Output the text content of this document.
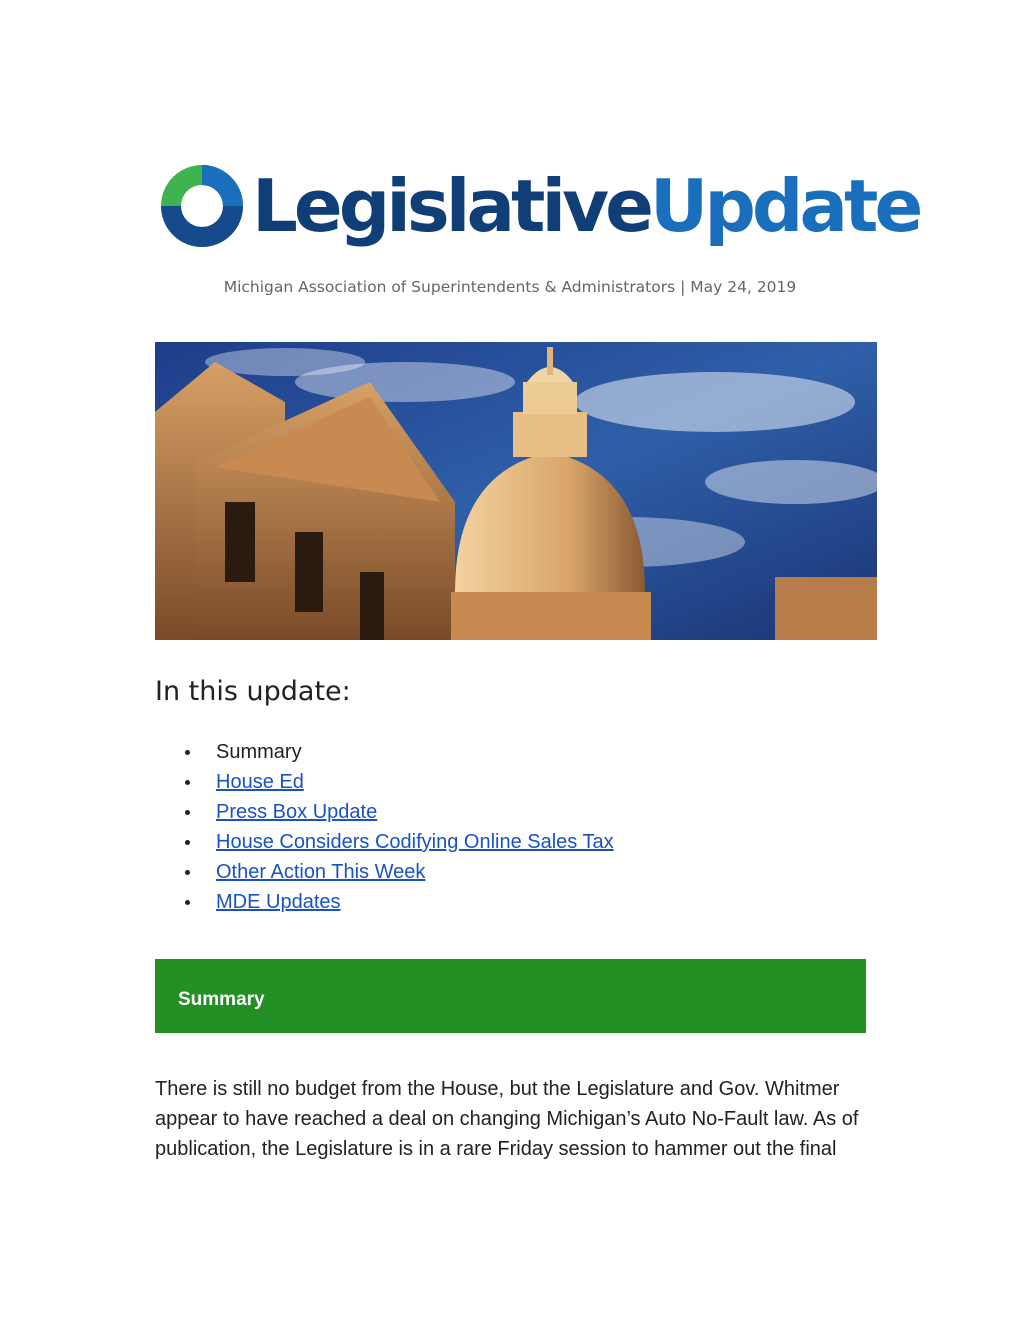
LegislativeUpdate
Michigan Association of Superintendents & Administrators | May 24, 2019
In this update:
Summary
House Ed
Press Box Update
House Considers Codifying Online Sales Tax
Other Action This Week
MDE Updates
Summary

There is still no budget from the House, but the Legislature and Gov. Whitmer appear to have reached a deal on changing Michigan’s Auto No-Fault law. As of publication, the Legislature is in a rare Friday session to hammer out the final
